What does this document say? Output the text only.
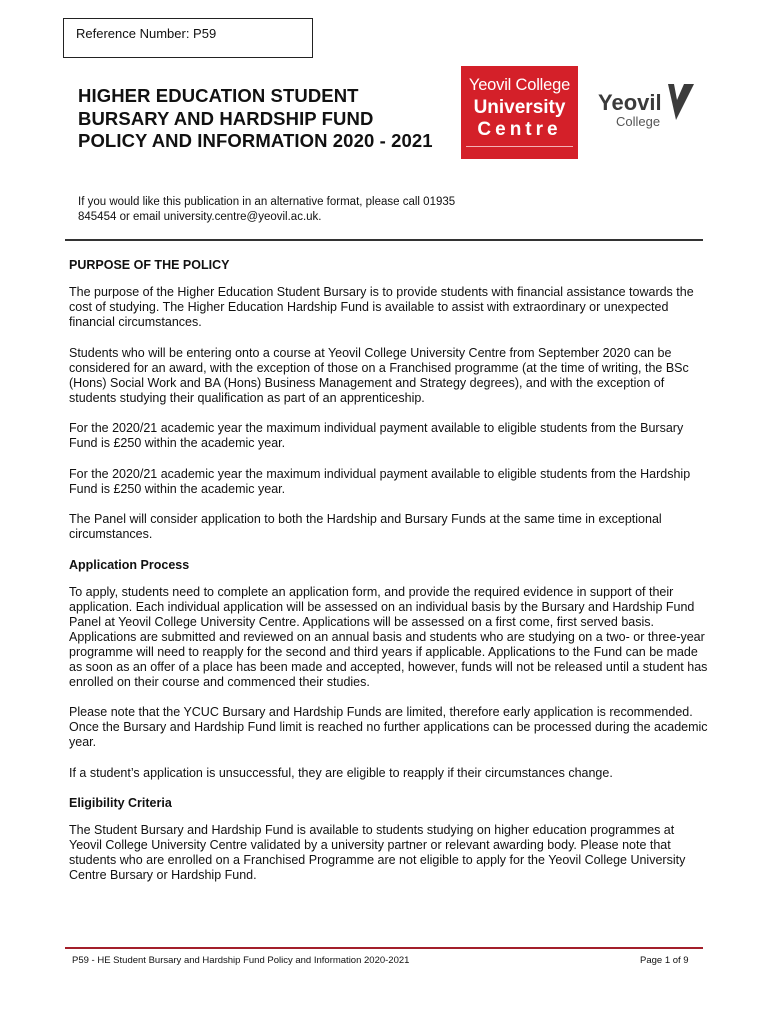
Reference Number: P59
HIGHER EDUCATION STUDENT BURSARY AND HARDSHIP FUND POLICY AND INFORMATION 2020 - 2021

If you would like this publication in an alternative format, please call 01935 845454 or email university.centre@yeovil.ac.uk.

Yeovil College
University
Centre
Yeovil
College
PURPOSE OF THE POLICY

The purpose of the Higher Education Student Bursary is to provide students with financial assistance towards the cost of studying. The Higher Education Hardship Fund is available to assist with extraordinary or unexpected financial circumstances.

Students who will be entering onto a course at Yeovil College University Centre from September 2020 can be considered for an award, with the exception of those on a Franchised programme (at the time of writing, the BSc (Hons) Social Work and BA (Hons) Business Management and Strategy degrees), and with the exception of students studying their qualification as part of an apprenticeship.

For the 2020/21 academic year the maximum individual payment available to eligible students from the Bursary Fund is £250 within the academic year.

For the 2020/21 academic year the maximum individual payment available to eligible students from the Hardship Fund is £250 within the academic year.

The Panel will consider application to both the Hardship and Bursary Funds at the same time in exceptional circumstances.

Application Process

To apply, students need to complete an application form, and provide the required evidence in support of their application. Each individual application will be assessed on an individual basis by the Bursary and Hardship Fund Panel at Yeovil College University Centre. Applications will be assessed on a first come, first served basis. Applications are submitted and reviewed on an annual basis and students who are studying on a two- or three-year programme will need to reapply for the second and third years if applicable. Applications to the Fund can be made as soon as an offer of a place has been made and accepted, however, funds will not be released until a student has enrolled on their course and commenced their studies.

Please note that the YCUC Bursary and Hardship Funds are limited, therefore early application is recommended. Once the Bursary and Hardship Fund limit is reached no further applications can be processed during the academic year.

If a student’s application is unsuccessful, they are eligible to reapply if their circumstances change.

Eligibility Criteria

The Student Bursary and Hardship Fund is available to students studying on higher education programmes at Yeovil College University Centre validated by a university partner or relevant awarding body. Please note that students who are enrolled on a Franchised Programme are not eligible to apply for the Yeovil College University Centre Bursary or Hardship Fund.

P59 - HE Student Bursary and Hardship Fund Policy and Information 2020-2021	Page 1 of 9
